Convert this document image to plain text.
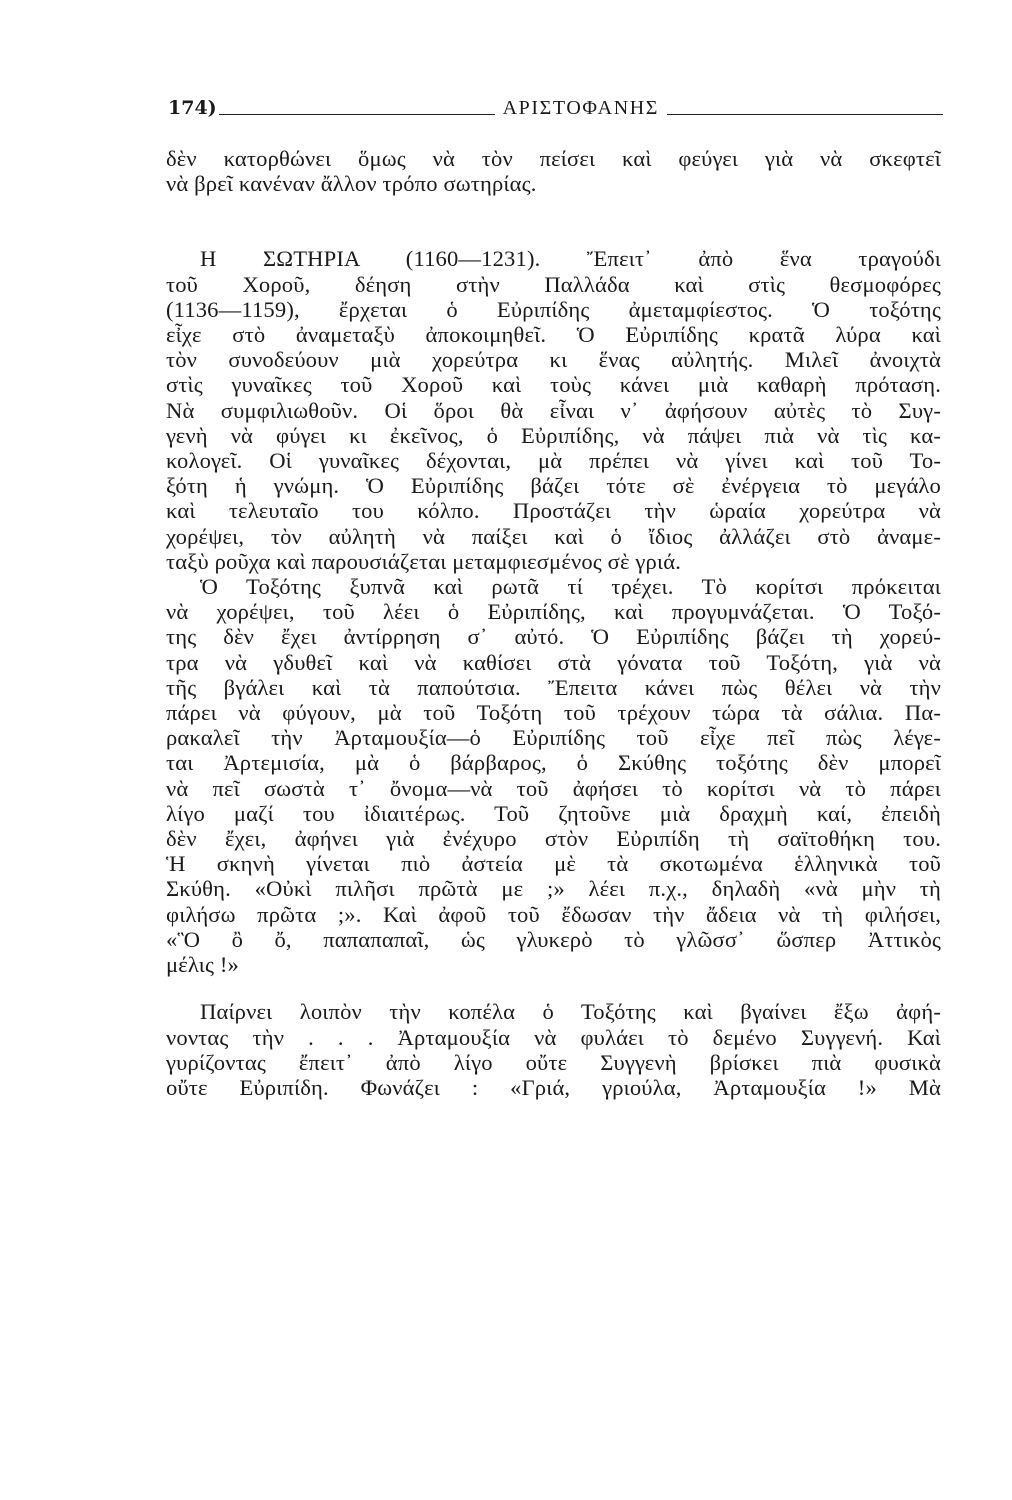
174)	ΑΡΙΣΤΟΦΑΝΗΣ
δὲν κατορθώνει ὅμως νὰ τὸν πείσει καὶ φεύγει γιὰ νὰ σκεφτεῖ
νὰ βρεῖ κανέναν ἄλλον τρόπο σωτηρίας.
Η ΣΩΤΗΡΙΑ (1160—1231). Ἔπειτ᾽ ἀπὸ ἕνα τραγούδι
τοῦ Χοροῦ, δέηση στὴν Παλλάδα καὶ στὶς θεσμοφόρες
(1136—1159), ἔρχεται ὁ Εὐριπίδης ἀμεταμφίεστος. Ὁ τοξότης
εἶχε στὸ ἀναμεταξὺ ἀποκοιμηθεῖ. Ὁ Εὐριπίδης κρατᾶ λύρα καὶ
τὸν συνοδεύουν μιὰ χορεύτρα κι ἕνας αὐλητής. Μιλεῖ ἀνοιχτὰ
στὶς γυναῖκες τοῦ Χοροῦ καὶ τοὺς κάνει μιὰ καθαρὴ πρόταση.
Νὰ συμφιλιωθοῦν. Οἱ ὅροι θὰ εἶναι ν᾽ ἀφήσουν αὐτὲς τὸ Συγ-
γενὴ νὰ φύγει κι ἐκεῖνος, ὁ Εὐριπίδης, νὰ πάψει πιὰ νὰ τὶς κα-
κολογεῖ. Οἱ γυναῖκες δέχονται, μὰ πρέπει νὰ γίνει καὶ τοῦ Το-
ξότη ἡ γνώμη. Ὁ Εὐριπίδης βάζει τότε σὲ ἐνέργεια τὸ μεγάλο
καὶ τελευταῖο του κόλπο. Προστάζει τὴν ὡραία χορεύτρα νὰ
χορέψει, τὸν αὐλητὴ νὰ παίξει καὶ ὁ ἴδιος ἀλλάζει στὸ ἀναμε-
ταξὺ ροῦχα καὶ παρουσιάζεται μεταμφιεσμένος σὲ γριά.
Ὁ Τοξότης ξυπνᾶ καὶ ρωτᾶ τί τρέχει. Τὸ κορίτσι πρόκειται
νὰ χορέψει, τοῦ λέει ὁ Εὐριπίδης, καὶ προγυμνάζεται. Ὁ Τοξό-
της δὲν ἔχει ἀντίρρηση σ᾽ αὐτό. Ὁ Εὐριπίδης βάζει τὴ χορεύ-
τρα νὰ γδυθεῖ καὶ νὰ καθίσει στὰ γόνατα τοῦ Τοξότη, γιὰ νὰ
τῆς βγάλει καὶ τὰ παπούτσια. Ἔπειτα κάνει πὼς θέλει νὰ τὴν
πάρει νὰ φύγουν, μὰ τοῦ Τοξότη τοῦ τρέχουν τώρα τὰ σάλια. Πα-
ρακαλεῖ τὴν Ἀρταμουξία—ὁ Εὐριπίδης τοῦ εἶχε πεῖ πὼς λέγε-
ται Ἀρτεμισία, μὰ ὁ βάρβαρος, ὁ Σκύθης τοξότης δὲν μπορεῖ
νὰ πεῖ σωστὰ τ᾽ ὄνομα—νὰ τοῦ ἀφήσει τὸ κορίτσι νὰ τὸ πάρει
λίγο μαζί του ἰδιαιτέρως. Τοῦ ζητοῦνε μιὰ δραχμὴ καί, ἐπειδὴ
δὲν ἔχει, ἀφήνει γιὰ ἐνέχυρο στὸν Εὐριπίδη τὴ σαϊτοθήκη του.
Ἡ σκηνὴ γίνεται πιὸ ἀστεία μὲ τὰ σκοτωμένα ἑλληνικὰ τοῦ
Σκύθη. «Οὐκὶ πιλῆσι πρῶτὰ με ;» λέει π.χ., δηλαδὴ «νὰ μὴν τὴ
φιλήσω πρῶτα ;». Καὶ ἀφοῦ τοῦ ἔδωσαν τὴν ἄδεια νὰ τὴ φιλήσει,
«Ὃ ὂ ὄ, παπαπαπαῖ, ὡς γλυκερὸ τὸ γλῶσσ᾽ ὥσπερ Ἀττικὸς
μέλις !»
Παίρνει λοιπὸν τὴν κοπέλα ὁ Τοξότης καὶ βγαίνει ἔξω ἀφή-
νοντας τὴν . . . Ἀρταμουξία νὰ φυλάει τὸ δεμένο Συγγενή. Καὶ
γυρίζοντας ἔπειτ᾽ ἀπὸ λίγο οὔτε Συγγενὴ βρίσκει πιὰ φυσικὰ
οὔτε Εὐριπίδη. Φωνάζει : «Γριά, γριούλα, Ἀρταμουξία !» Μὰ
